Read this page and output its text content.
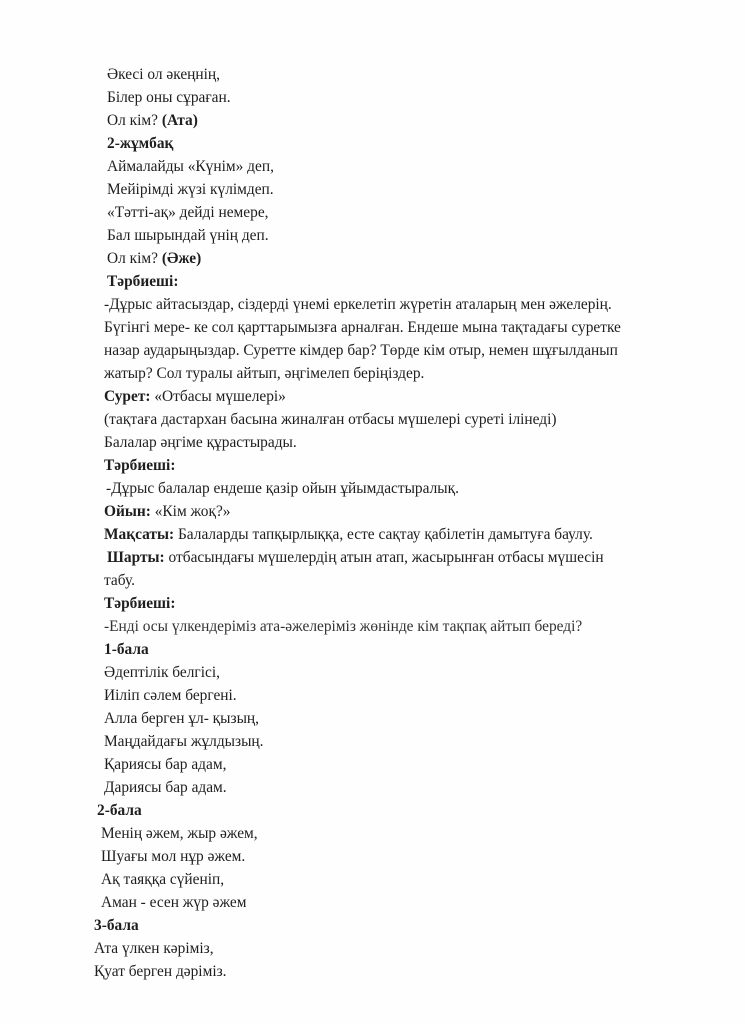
Әкесі ол әкеңнің,
Білер оны сұраған.
Ол кім? (Ата)
2-жұмбақ
Аймалайды «Күнім» деп,
Мейірімді жүзі күлімдеп.
«Тәтті-ақ» дейді немере,
Бал шырындай үнің деп.
Ол кім? (Әже)
Тәрбиеші:
-Дұрыс айтасыздар, сіздерді үнемі еркелетіп жүретін аталарың мен әжелерің.
Бүгінгі мере- ке сол қарттарымызға арналған. Ендеше мына тақтадағы суретке
назар аударыңыздар. Суретте кімдер бар? Төрде кім отыр, немен шұғылданып
жатыр? Сол туралы айтып, әңгімелеп беріңіздер.
Сурет: «Отбасы мүшелері»
(тақтаға дастархан басына жиналған отбасы мүшелері суреті ілінеді)
Балалар әңгіме құрастырады.
Тәрбиеші:
-Дұрыс балалар ендеше қазір ойын ұйымдастыралық.
Ойын: «Кім жоқ?»
Мақсаты: Балаларды тапқырлыққа, есте сақтау қабілетін дамытуға баулу.
Шарты: отбасындағы мүшелердің атын атап, жасырынған отбасы мүшесін
табу.
Тәрбиеші:
-Енді осы үлкендеріміз ата-әжелеріміз жөнінде кім тақпақ айтып береді?
1-бала
Әдептілік белгісі,
Иіліп сәлем бергені.
Алла берген ұл- қызың,
Маңдайдағы жұлдызың.
Қариясы бар адам,
Дариясы бар адам.
2-бала
Менің әжем, жыр әжем,
Шуағы мол нұр әжем.
Ақ таяққа сүйеніп,
Аман - есен жүр әжем
3-бала
Ата үлкен кәріміз,
Қуат берген дәріміз.
